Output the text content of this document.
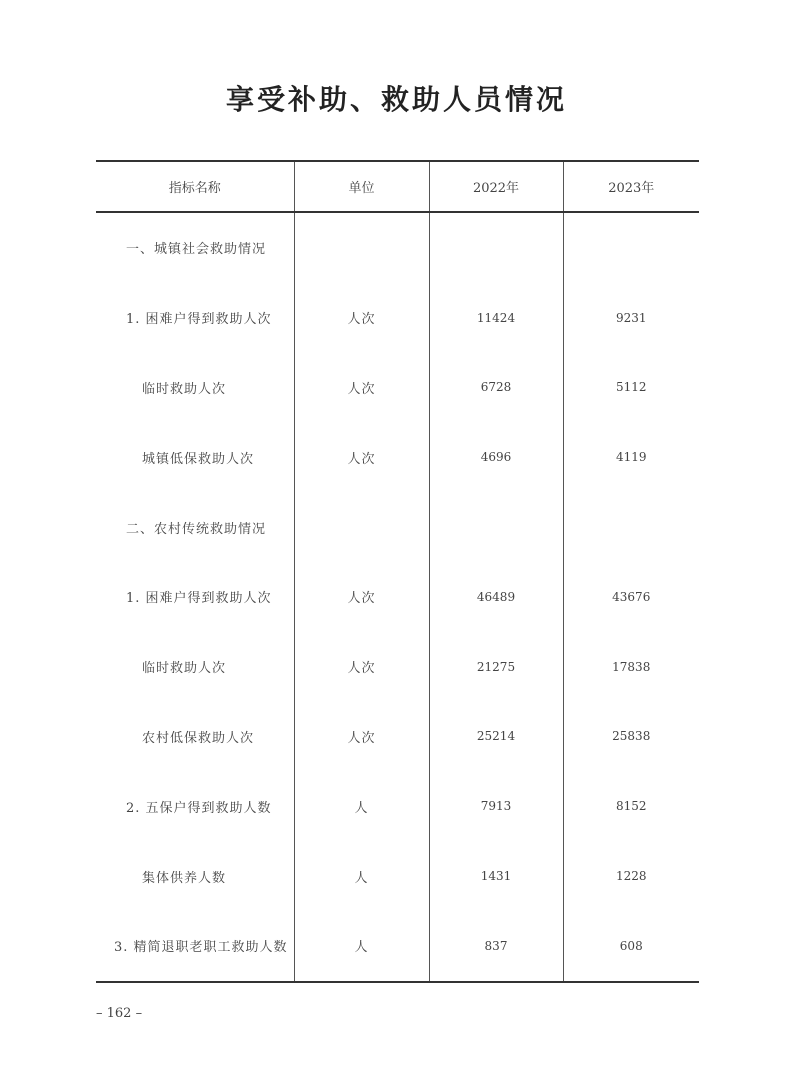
享受补助、救助人员情况
指标名称	单位	2022年	2023年
一、城镇社会救助情况			
1. 困难户得到救助人次	人次	11424	9231
临时救助人次	人次	6728	5112
城镇低保救助人次	人次	4696	4119
二、农村传统救助情况			
1. 困难户得到救助人次	人次	46489	43676
临时救助人次	人次	21275	17838
农村低保救助人次	人次	25214	25838
2. 五保户得到救助人数	人	7913	8152
集体供养人数	人	1431	1228
3. 精简退职老职工救助人数	人	837	608
– 162 –
